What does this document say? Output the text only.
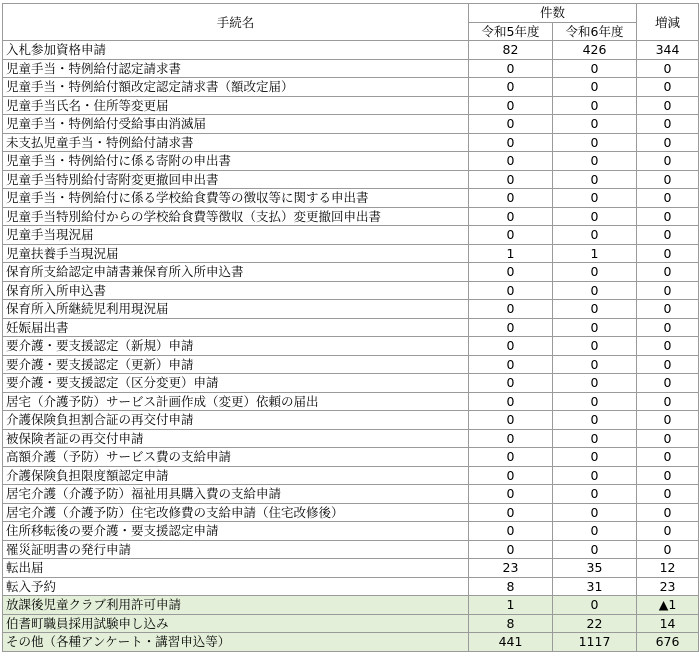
手続名	件数		増減
	令和5年度	令和6年度	
入札参加資格申請	82	426	344
児童手当・特例給付認定請求書	0	0	0
児童手当・特例給付額改定認定請求書（額改定届）	0	0	0
児童手当氏名・住所等変更届	0	0	0
児童手当・特例給付受給事由消滅届	0	0	0
未支払児童手当・特例給付請求書	0	0	0
児童手当・特例給付に係る寄附の申出書	0	0	0
児童手当特別給付寄附変更撤回申出書	0	0	0
児童手当・特例給付に係る学校給食費等の徴収等に関する申出書	0	0	0
児童手当特別給付からの学校給食費等徴収（支払）変更撤回申出書	0	0	0
児童手当現況届	0	0	0
児童扶養手当現況届	1	1	0
保育所支給認定申請書兼保育所入所申込書	0	0	0
保育所入所申込書	0	0	0
保育所入所継続児利用現況届	0	0	0
妊娠届出書	0	0	0
要介護・要支援認定（新規）申請	0	0	0
要介護・要支援認定（更新）申請	0	0	0
要介護・要支援認定（区分変更）申請	0	0	0
居宅（介護予防）サービス計画作成（変更）依頼の届出	0	0	0
介護保険負担割合証の再交付申請	0	0	0
被保険者証の再交付申請	0	0	0
高額介護（予防）サービス費の支給申請	0	0	0
介護保険負担限度額認定申請	0	0	0
居宅介護（介護予防）福祉用具購入費の支給申請	0	0	0
居宅介護（介護予防）住宅改修費の支給申請（住宅改修後）	0	0	0
住所移転後の要介護・要支援認定申請	0	0	0
罹災証明書の発行申請	0	0	0
転出届	23	35	12
転入予約	8	31	23
放課後児童クラブ利用許可申請	1	0	▲1
伯耆町職員採用試験申し込み	8	22	14
その他（各種アンケート・講習申込等）	441	1117	676
